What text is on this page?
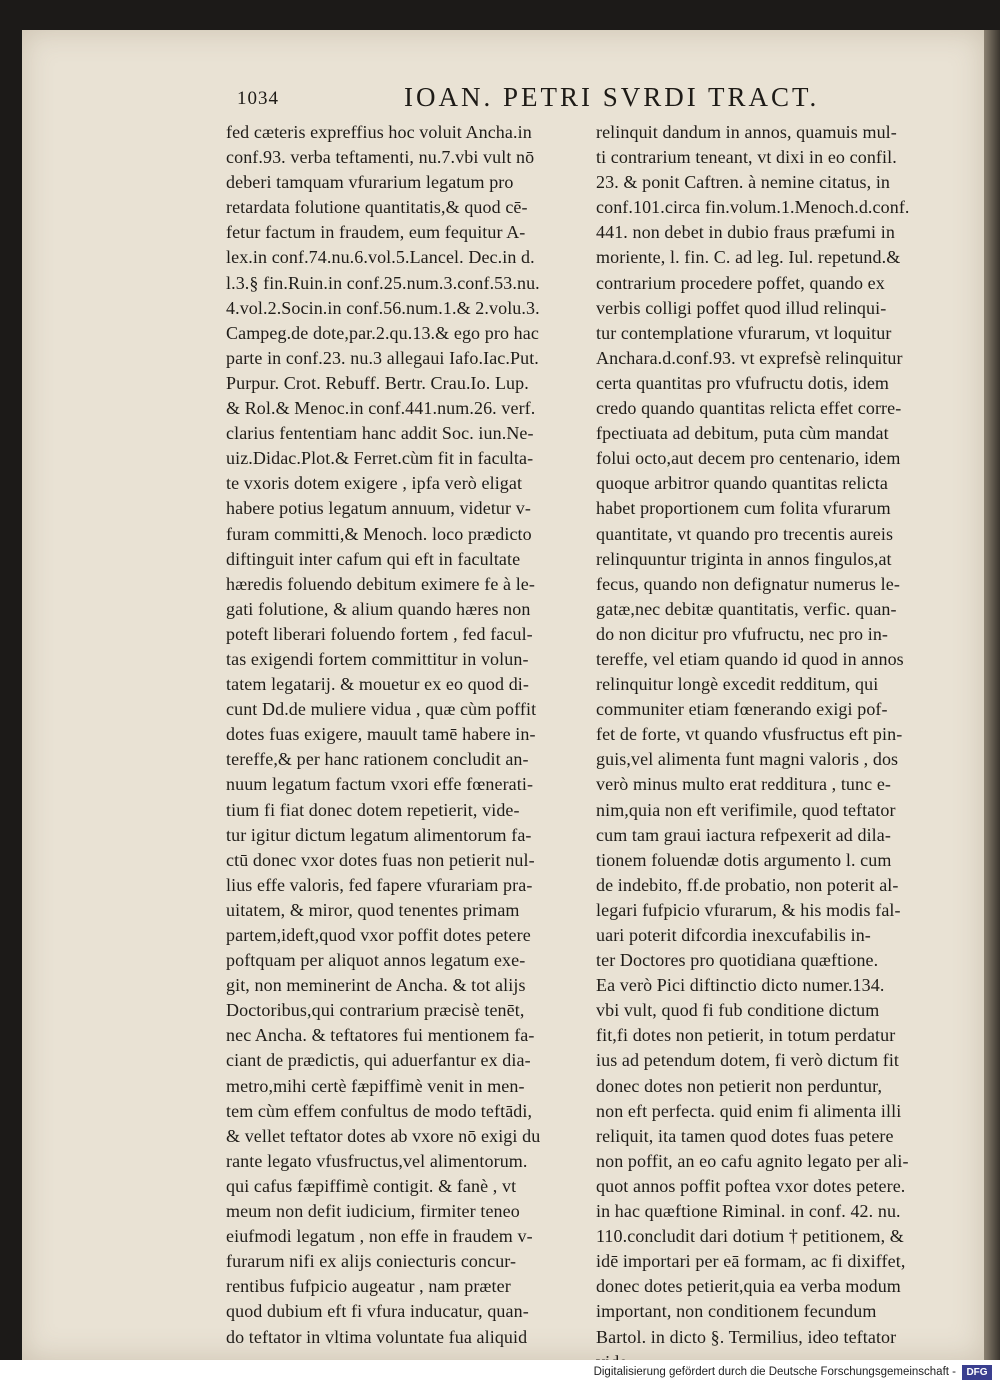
1034	IOAN. PETRI SVRDI TRACT.
fed cæteris expreffius hoc voluit Ancha.in
conf.93. verba teftamenti, nu.7.vbi vult nō
deberi tamquam vfurarium legatum pro
retardata folutione quantitatis,& quod cē-
fetur factum in fraudem, eum fequitur A-
lex.in conf.74.nu.6.vol.5.Lancel. Dec.in d.
l.3.§ fin.Ruin.in conf.25.num.3.conf.53.nu.
4.vol.2.Socin.in conf.56.num.1.& 2.volu.3.
Campeg.de dote,par.2.qu.13.& ego pro hac
parte in conf.23. nu.3 allegaui Iafo.Iac.Put.
Purpur. Crot. Rebuff. Bertr. Crau.Io. Lup.
& Rol.& Menoc.in conf.441.num.26. verf.
clarius fententiam hanc addit Soc. iun.Ne-
uiz.Didac.Plot.& Ferret.cùm fit in faculta-
te vxoris dotem exigere , ipfa verò eligat
habere potius legatum annuum, videtur v-
furam committi,& Menoch. loco prædicto
diftinguit inter cafum qui eft in facultate
hæredis foluendo debitum eximere fe à le-
gati folutione, & alium quando hæres non
poteft liberari foluendo fortem , fed facul-
tas exigendi fortem committitur in volun-
tatem legatarij. & mouetur ex eo quod di-
cunt Dd.de muliere vidua , quæ cùm poffit
dotes fuas exigere, mauult tamē habere in-
tereffe,& per hanc rationem concludit an-
nuum legatum factum vxori effe fœnerati-
tium fi fiat donec dotem repetierit, vide-
tur igitur dictum legatum alimentorum fa-
ctū donec vxor dotes fuas non petierit nul-
lius effe valoris, fed fapere vfurariam pra-
uitatem, & miror, quod tenentes primam
partem,ideft,quod vxor poffit dotes petere
poftquam per aliquot annos legatum exe-
git, non meminerint de Ancha. & tot alijs
Doctoribus,qui contrarium præcisè tenēt,
nec Ancha. & teftatores fui mentionem fa-
ciant de prædictis, qui aduerfantur ex dia-
metro,mihi certè fæpiffimè venit in men-
tem cùm effem confultus de modo teftādi,
& vellet teftator dotes ab vxore nō exigi du
rante legato vfusfructus,vel alimentorum.
qui cafus fæpiffimè contigit. & fanè , vt
meum non defit iudicium, firmiter teneo
eiufmodi legatum , non effe in fraudem v-
furarum nifi ex alijs coniecturis concur-
rentibus fufpicio augeatur , nam præter
quod dubium eft fi vfura inducatur, quan-
do teftator in vltima voluntate fua aliquid
relinquit dandum in annos, quamuis mul-
ti contrarium teneant, vt dixi in eo confil.
23. & ponit Caftren. à nemine citatus, in
conf.101.circa fin.volum.1.Menoch.d.conf.
441. non debet in dubio fraus præfumi in
moriente, l. fin. C. ad leg. Iul. repetund.&
contrarium procedere poffet, quando ex
verbis colligi poffet quod illud relinqui-
tur contemplatione vfurarum, vt loquitur
Anchara.d.conf.93. vt exprefsè relinquitur
certa quantitas pro vfufructu dotis, idem
credo quando quantitas relicta effet corre-
fpectiuata ad debitum, puta cùm mandat
folui octo,aut decem pro centenario, idem
quoque arbitror quando quantitas relicta
habet proportionem cum folita vfurarum
quantitate, vt quando pro trecentis aureis
relinquuntur triginta in annos fingulos,at
fecus, quando non defignatur numerus le-
gatæ,nec debitæ quantitatis, verfic. quan-
do non dicitur pro vfufructu, nec pro in-
tereffe, vel etiam quando id quod in annos
relinquitur longè excedit redditum, qui
communiter etiam fœnerando exigi pof-
fet de forte, vt quando vfusfructus eft pin-
guis,vel alimenta funt magni valoris , dos
verò minus multo erat redditura , tunc e-
nim,quia non eft verifimile, quod teftator
cum tam graui iactura refpexerit ad dila-
tionem foluendæ dotis argumento l. cum
de indebito, ff.de probatio, non poterit al-
legari fufpicio vfurarum, & his modis fal-
uari poterit difcordia inexcufabilis in-
ter Doctores pro quotidiana quæftione.
Ea verò Pici diftinctio dicto numer.134.
vbi vult, quod fi fub conditione dictum
fit,fi dotes non petierit, in totum perdatur
ius ad petendum dotem, fi verò dictum fit
donec dotes non petierit non perduntur,
non eft perfecta. quid enim fi alimenta illi
reliquit, ita tamen quod dotes fuas petere
non poffit, an eo cafu agnito legato per ali-
quot annos poffit poftea vxor dotes petere.
in hac quæftione Riminal. in conf. 42. nu.
110.concludit dari dotium † petitionem, &
idē importari per eā formam, ac fi dixiffet,
donec dotes petierit,quia ea verba modum
important, non conditionem fecundum
Bartol. in dicto §. Termilius, ideo teftator
Digitalisierung gefördert durch die Deutsche Forschungsgemeinschaft -	DFG
